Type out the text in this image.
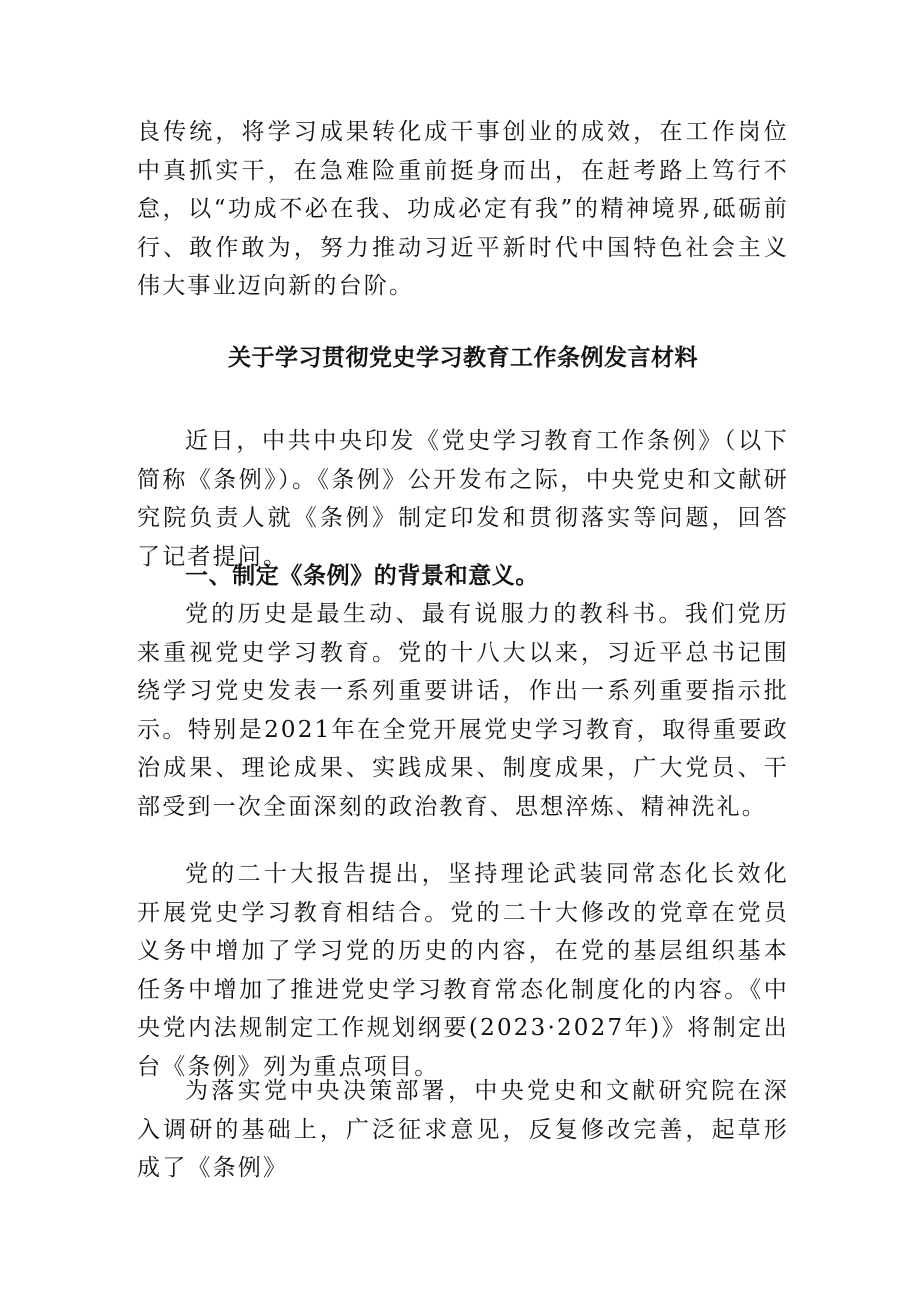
良传统，将学习成果转化成干事创业的成效，在工作岗位中真抓实干，在急难险重前挺身而出，在赶考路上笃行不怠，以“功成不必在我、功成必定有我”的精神境界,砥砺前行、敢作敢为，努力推动习近平新时代中国特色社会主义伟大事业迈向新的台阶。

关于学习贯彻党史学习教育工作条例发言材料

近日，中共中央印发《党史学习教育工作条例》（以下简称《条例》）。《条例》公开发布之际，中央党史和文献研究院负责人就《条例》制定印发和贯彻落实等问题，回答了记者提问。

一、制定《条例》的背景和意义。

党的历史是最生动、最有说服力的教科书。我们党历来重视党史学习教育。党的十八大以来，习近平总书记围绕学习党史发表一系列重要讲话，作出一系列重要指示批示。特别是2021年在全党开展党史学习教育，取得重要政治成果、理论成果、实践成果、制度成果，广大党员、干部受到一次全面深刻的政治教育、思想淬炼、精神洗礼。

党的二十大报告提出，坚持理论武装同常态化长效化开展党史学习教育相结合。党的二十大修改的党章在党员义务中增加了学习党的历史的内容，在党的基层组织基本任务中增加了推进党史学习教育常态化制度化的内容。《中央党内法规制定工作规划纲要(2023·2027年)》将制定出台《条例》列为重点项目。

为落实党中央决策部署，中央党史和文献研究院在深入调研的基础上，广泛征求意见，反复修改完善，起草形成了《条例》
